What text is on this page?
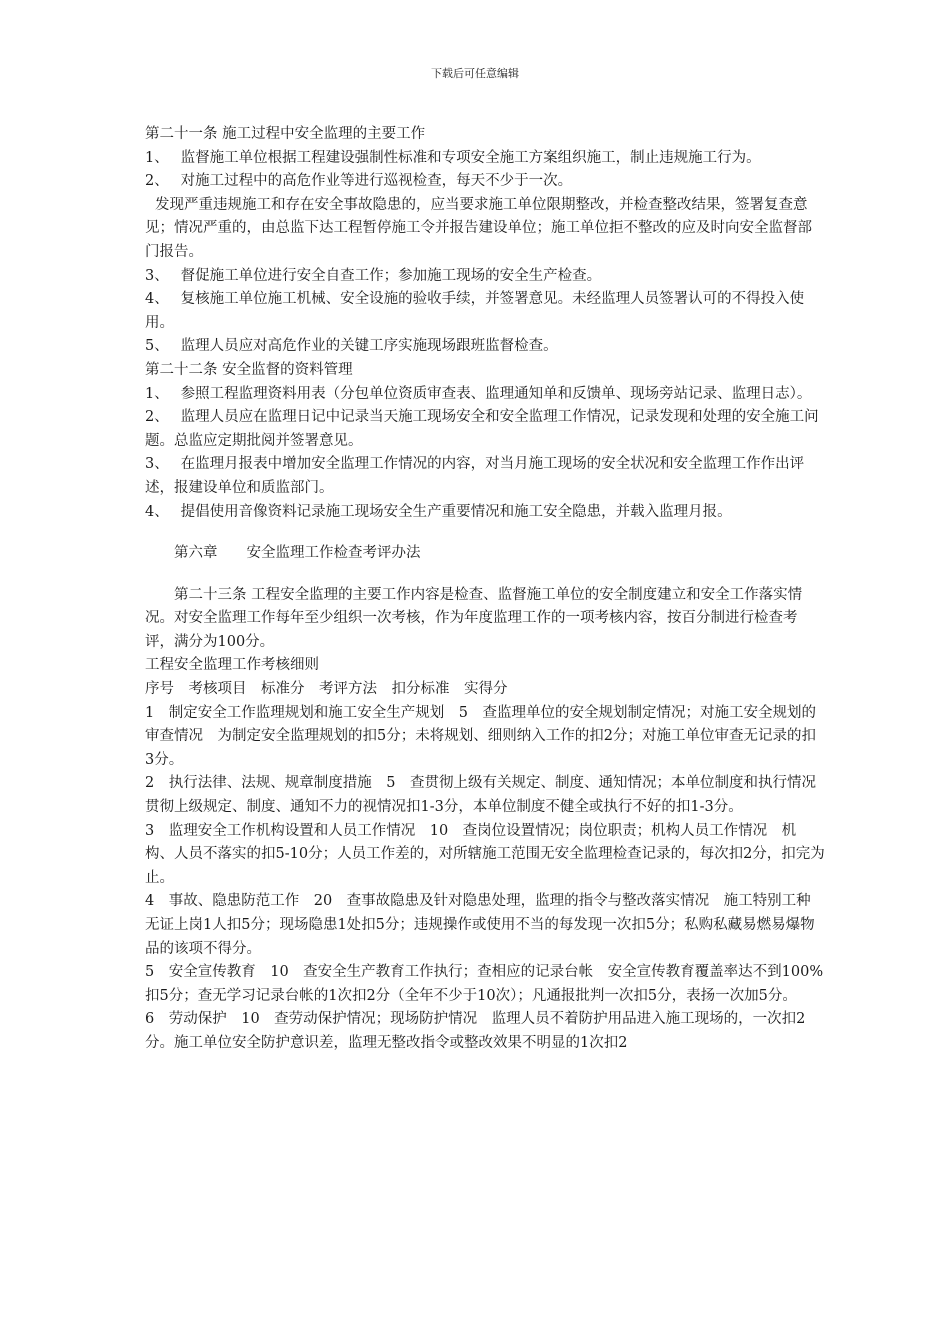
下载后可任意编辑

第二十一条 施工过程中安全监理的主要工作

1、　 监督施工单位根据工程建设强制性标准和专项安全施工方案组织施工，制止违规施工行为。

2、　 对施工过程中的高危作业等进行巡视检查，每天不少于一次。

发现严重违规施工和存在安全事故隐患的，应当要求施工单位限期整改，并检查整改结果，签署复查意见；情况严重的，由总监下达工程暂停施工令并报告建设单位；施工单位拒不整改的应及时向安全监督部门报告。

3、　 督促施工单位进行安全自查工作；参加施工现场的安全生产检查。

4、　 复核施工单位施工机械、安全设施的验收手续，并签署意见。未经监理人员签署认可的不得投入使用。

5、　 监理人员应对高危作业的关键工序实施现场跟班监督检查。

第二十二条 安全监督的资料管理

1、　 参照工程监理资料用表（分包单位资质审查表、监理通知单和反馈单、现场旁站记录、监理日志）。

2、　 监理人员应在监理日记中记录当天施工现场安全和安全监理工作情况，记录发现和处理的安全施工问题。总监应定期批阅并签署意见。

3、　 在监理月报表中增加安全监理工作情况的内容，对当月施工现场的安全状况和安全监理工作作出评述，报建设单位和质监部门。

4、　 提倡使用音像资料记录施工现场安全生产重要情况和施工安全隐患，并载入监理月报。

第六章　　安全监理工作检查考评办法

第二十三条 工程安全监理的主要工作内容是检查、监督施工单位的安全制度建立和安全工作落实情况。对安全监理工作每年至少组织一次考核，作为年度监理工作的一项考核内容，按百分制进行检查考评，满分为100分。

工程安全监理工作考核细则

序号　考核项目　标准分　考评方法　扣分标准　实得分

1　制定安全工作监理规划和施工安全生产规划　5　查监理单位的安全规划制定情况；对施工安全规划的审查情况　为制定安全监理规划的扣5分；未将规划、细则纳入工作的扣2分；对施工单位审查无记录的扣3分。

2　执行法律、法规、规章制度措施　5　查贯彻上级有关规定、制度、通知情况；本单位制度和执行情况　贯彻上级规定、制度、通知不力的视情况扣1-3分，本单位制度不健全或执行不好的扣1-3分。

3　监理安全工作机构设置和人员工作情况　10　查岗位设置情况；岗位职责；机构人员工作情况　机构、人员不落实的扣5-10分；人员工作差的，对所辖施工范围无安全监理检查记录的，每次扣2分，扣完为止。

4　事故、隐患防范工作　20　查事故隐患及针对隐患处理，监理的指令与整改落实情况　施工特别工种无证上岗1人扣5分；现场隐患1处扣5分；违规操作或使用不当的每发现一次扣5分；私购私藏易燃易爆物品的该项不得分。

5　安全宣传教育　10　查安全生产教育工作执行；查相应的记录台帐　安全宣传教育覆盖率达不到100%扣5分；查无学习记录台帐的1次扣2分（全年不少于10次）；凡通报批判一次扣5分，表扬一次加5分。

6　劳动保护　10　查劳动保护情况；现场防护情况　监理人员不着防护用品进入施工现场的，一次扣2分。施工单位安全防护意识差，监理无整改指令或整改效果不明显的1次扣2
